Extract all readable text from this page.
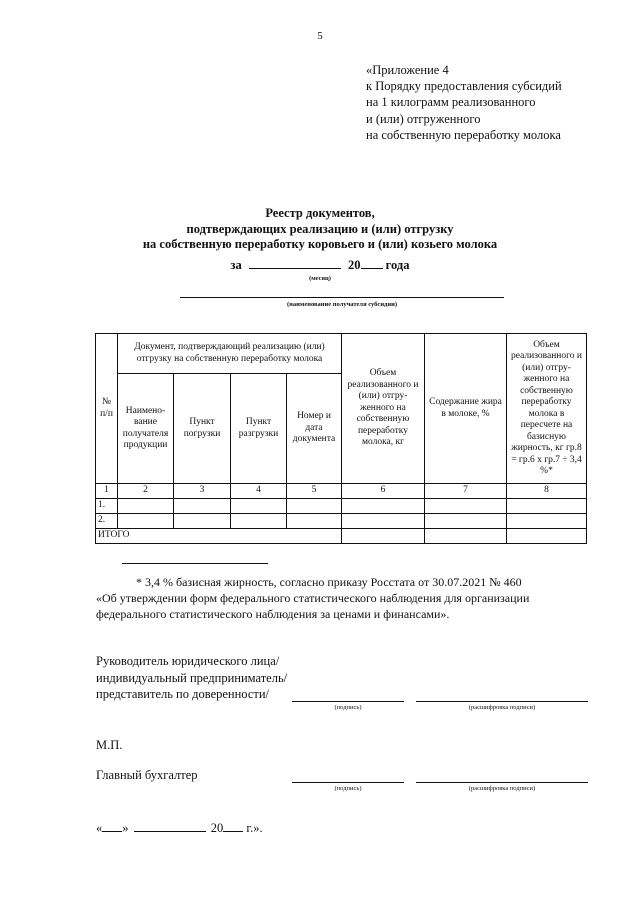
5
«Приложение 4
к Порядку предоставления субсидий
на 1 килограмм реализованного
и (или) отгруженного
на собственную переработку молока
Реестр документов,
подтверждающих реализацию и (или) отгрузку
на собственную переработку коровьего и (или) козьего молока
за	20 года
(месяц)
(наименование получателя субсидии)
№ п/п	Документ, подтверждающий реализацию (или) отгрузку на собственную переработку молока				Объем реализованного и (или) отгру-женного на собственную переработку молока, кг	Содержание жира в молоке, %	Объем реализованного и (или) отгру-женного на собственную переработку молока в пересчете на базисную жирность, кг гр.8 = гр.6 х гр.7 ÷ 3,4 %*
	Наимено-вание получателя продукции	Пункт погрузки	Пункт разгрузки	Номер и дата документа			
1	2	3	4	5	6	7	8
1.							
2.							
ИТОГО							
* 3,4 % базисная жирность, согласно приказу Росстата от 30.07.2021 № 460
«Об утверждении форм федерального статистического наблюдения для организации
федерального статистического наблюдения за ценами и финансами».
Руководитель юридического лица/
индивидуальный предприниматель/
представитель по доверенности/
(подпись)	(расшифровка подписи)
М.П.
Главный бухгалтер
(подпись)	(расшифровка подписи)
« »	20 г.».
